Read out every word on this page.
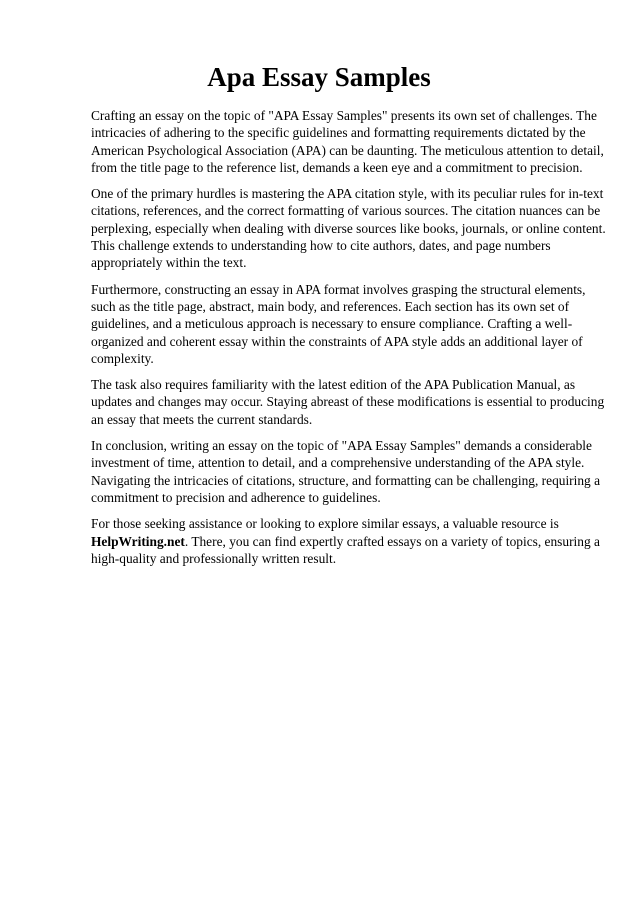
Apa Essay Samples

Crafting an essay on the topic of "APA Essay Samples" presents its own set of challenges. The intricacies of adhering to the specific guidelines and formatting requirements dictated by the American Psychological Association (APA) can be daunting. The meticulous attention to detail, from the title page to the reference list, demands a keen eye and a commitment to precision.

One of the primary hurdles is mastering the APA citation style, with its peculiar rules for in-text citations, references, and the correct formatting of various sources. The citation nuances can be perplexing, especially when dealing with diverse sources like books, journals, or online content. This challenge extends to understanding how to cite authors, dates, and page numbers appropriately within the text.

Furthermore, constructing an essay in APA format involves grasping the structural elements, such as the title page, abstract, main body, and references. Each section has its own set of guidelines, and a meticulous approach is necessary to ensure compliance. Crafting a well-organized and coherent essay within the constraints of APA style adds an additional layer of complexity.

The task also requires familiarity with the latest edition of the APA Publication Manual, as updates and changes may occur. Staying abreast of these modifications is essential to producing an essay that meets the current standards.

In conclusion, writing an essay on the topic of "APA Essay Samples" demands a considerable investment of time, attention to detail, and a comprehensive understanding of the APA style. Navigating the intricacies of citations, structure, and formatting can be challenging, requiring a commitment to precision and adherence to guidelines.

For those seeking assistance or looking to explore similar essays, a valuable resource is HelpWriting.net. There, you can find expertly crafted essays on a variety of topics, ensuring a high-quality and professionally written result.
